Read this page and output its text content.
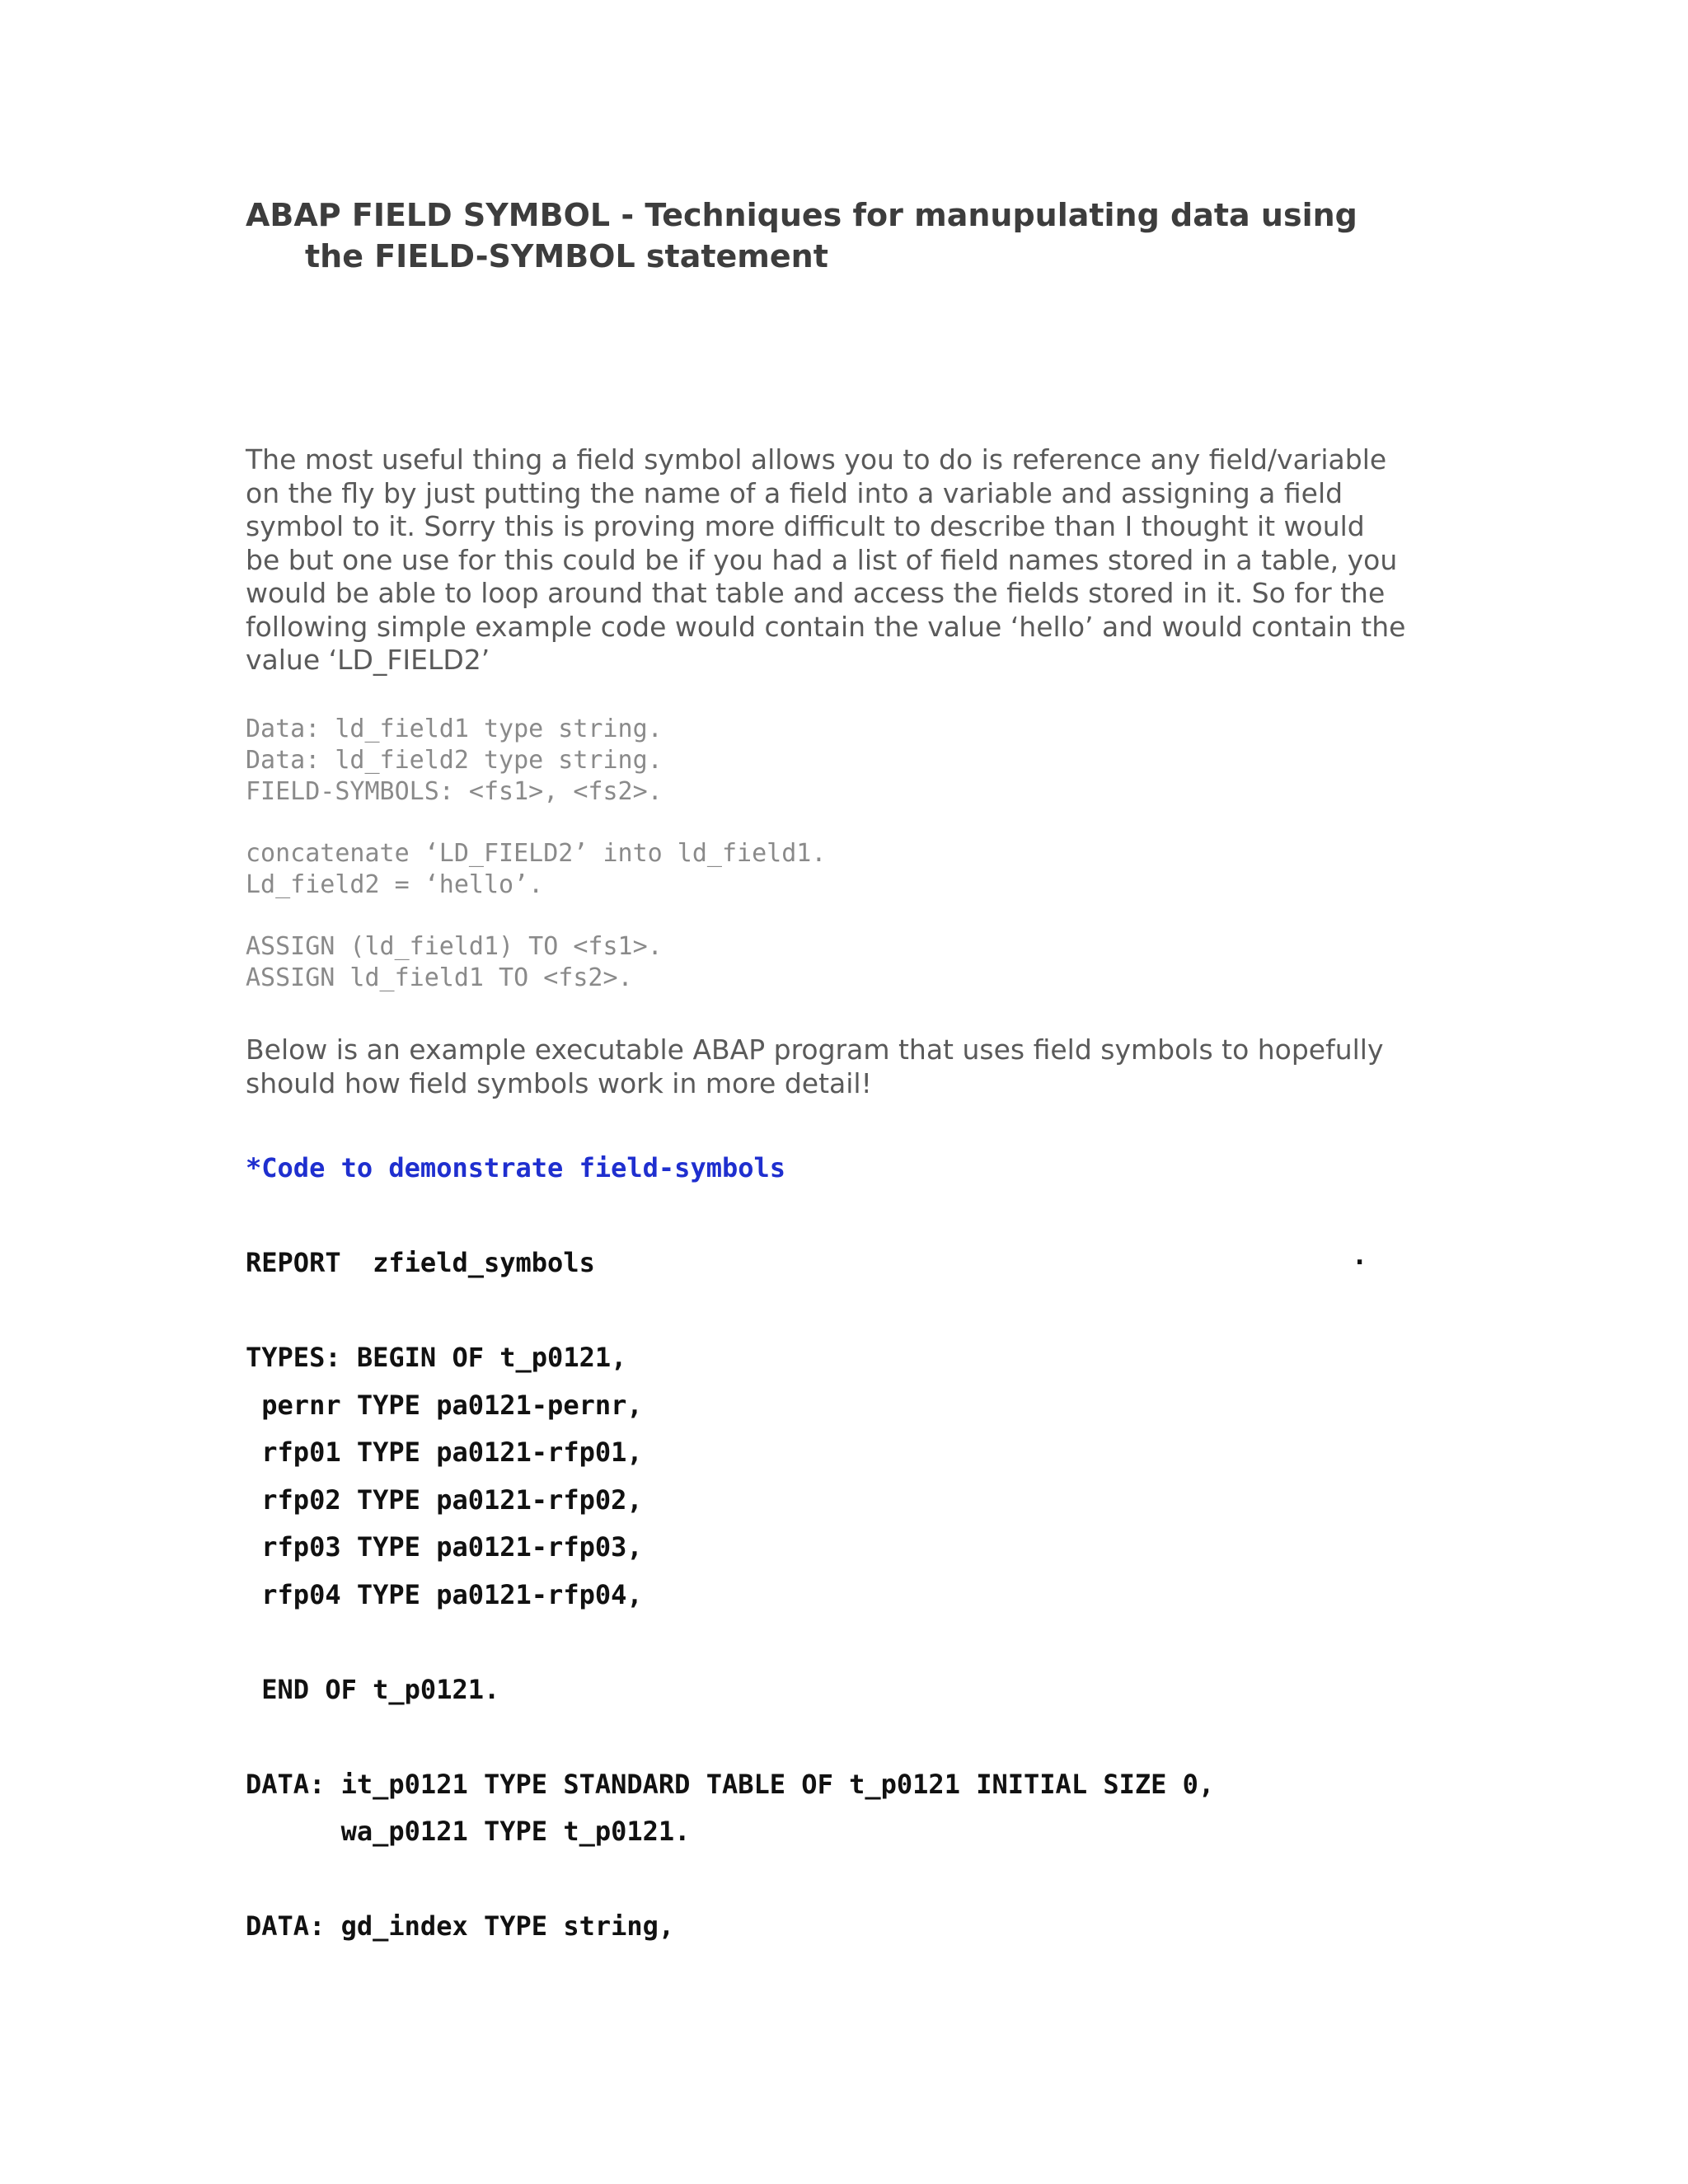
ABAP FIELD SYMBOL - Techniques for manupulating data using
the FIELD-SYMBOL statement

The most useful thing a field symbol allows you to do is reference any field/variable
on the fly by just putting the name of a field into a variable and assigning a field
symbol to it. Sorry this is proving more difficult to describe than I thought it would
be but one use for this could be if you had a list of field names stored in a table, you
would be able to loop around that table and access the fields stored in it. So for the
following simple example code would contain the value ‘hello’ and would contain the
value ‘LD_FIELD2’

Data: ld_field1 type string.
Data: ld_field2 type string.
FIELD-SYMBOLS: <fs1>, <fs2>.
concatenate ‘LD_FIELD2’ into ld_field1.
Ld_field2 = ‘hello’.
ASSIGN (ld_field1) TO <fs1>.
ASSIGN ld_field1 TO <fs2>.

Below is an example executable ABAP program that uses field symbols to hopefully
should how field symbols work in more detail!

*Code to demonstrate field-symbols
REPORT  zfield_symbols
TYPES: BEGIN OF t_p0121,
pernr TYPE pa0121-pernr,
rfp01 TYPE pa0121-rfp01,
rfp02 TYPE pa0121-rfp02,
rfp03 TYPE pa0121-rfp03,
rfp04 TYPE pa0121-rfp04,
END OF t_p0121.
DATA: it_p0121 TYPE STANDARD TABLE OF t_p0121 INITIAL SIZE 0,
wa_p0121 TYPE t_p0121.
DATA: gd_index TYPE string,
.
